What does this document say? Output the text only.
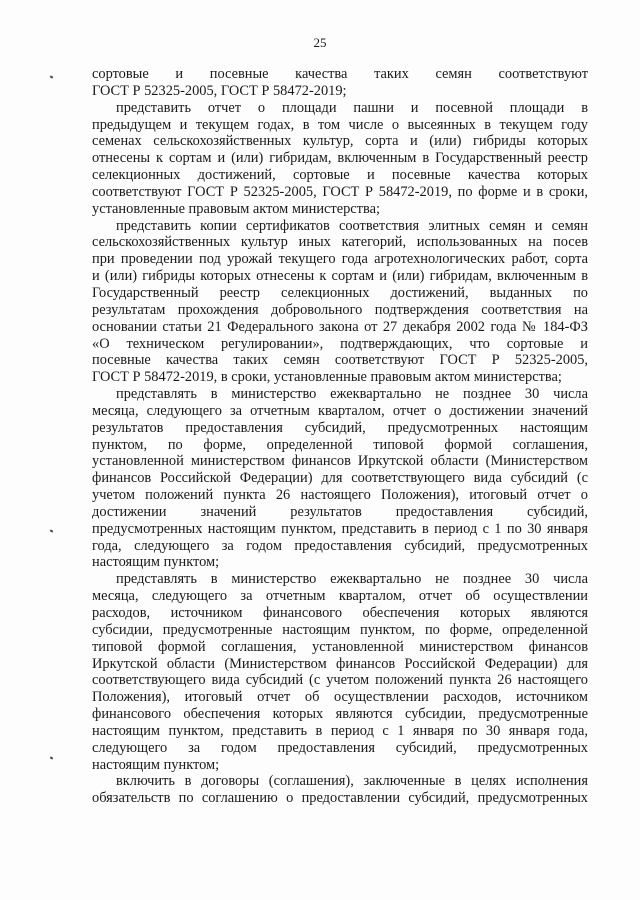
25
сортовые и посевные качества таких семян соответствуют
ГОСТ Р 52325-2005, ГОСТ Р 58472-2019;
представить отчет о площади пашни и посевной площади в
предыдущем и текущем годах, в том числе о высеянных в текущем году
семенах сельскохозяйственных культур, сорта и (или) гибриды которых
отнесены к сортам и (или) гибридам, включенным в Государственный реестр
селекционных достижений, сортовые и посевные качества которых
соответствуют ГОСТ Р 52325-2005, ГОСТ Р 58472-2019, по форме и в сроки,
установленные правовым актом министерства;
представить копии сертификатов соответствия элитных семян и семян
сельскохозяйственных культур иных категорий, использованных на посев
при проведении под урожай текущего года агротехнологических работ, сорта
и (или) гибриды которых отнесены к сортам и (или) гибридам, включенным в
Государственный реестр селекционных достижений, выданных по
результатам прохождения добровольного подтверждения соответствия на
основании статьи 21 Федерального закона от 27 декабря 2002 года № 184-ФЗ
«О техническом регулировании», подтверждающих, что сортовые и
посевные качества таких семян соответствуют ГОСТ Р 52325-2005,
ГОСТ Р 58472-2019, в сроки, установленные правовым актом министерства;
представлять в министерство ежеквартально не позднее 30 числа
месяца, следующего за отчетным кварталом, отчет о достижении значений
результатов предоставления субсидий, предусмотренных настоящим
пунктом, по форме, определенной типовой формой соглашения,
установленной министерством финансов Иркутской области (Министерством
финансов Российской Федерации) для соответствующего вида субсидий (с
учетом положений пункта 26 настоящего Положения), итоговый отчет о
достижении значений результатов предоставления субсидий,
предусмотренных настоящим пунктом, представить в период с 1 по 30 января
года, следующего за годом предоставления субсидий, предусмотренных
настоящим пунктом;
представлять в министерство ежеквартально не позднее 30 числа
месяца, следующего за отчетным кварталом, отчет об осуществлении
расходов, источником финансового обеспечения которых являются
субсидии, предусмотренные настоящим пунктом, по форме, определенной
типовой формой соглашения, установленной министерством финансов
Иркутской области (Министерством финансов Российской Федерации) для
соответствующего вида субсидий (с учетом положений пункта 26 настоящего
Положения), итоговый отчет об осуществлении расходов, источником
финансового обеспечения которых являются субсидии, предусмотренные
настоящим пунктом, представить в период с 1 января по 30 января года,
следующего за годом предоставления субсидий, предусмотренных
настоящим пунктом;
включить в договоры (соглашения), заключенные в целях исполнения
обязательств по соглашению о предоставлении субсидий, предусмотренных
